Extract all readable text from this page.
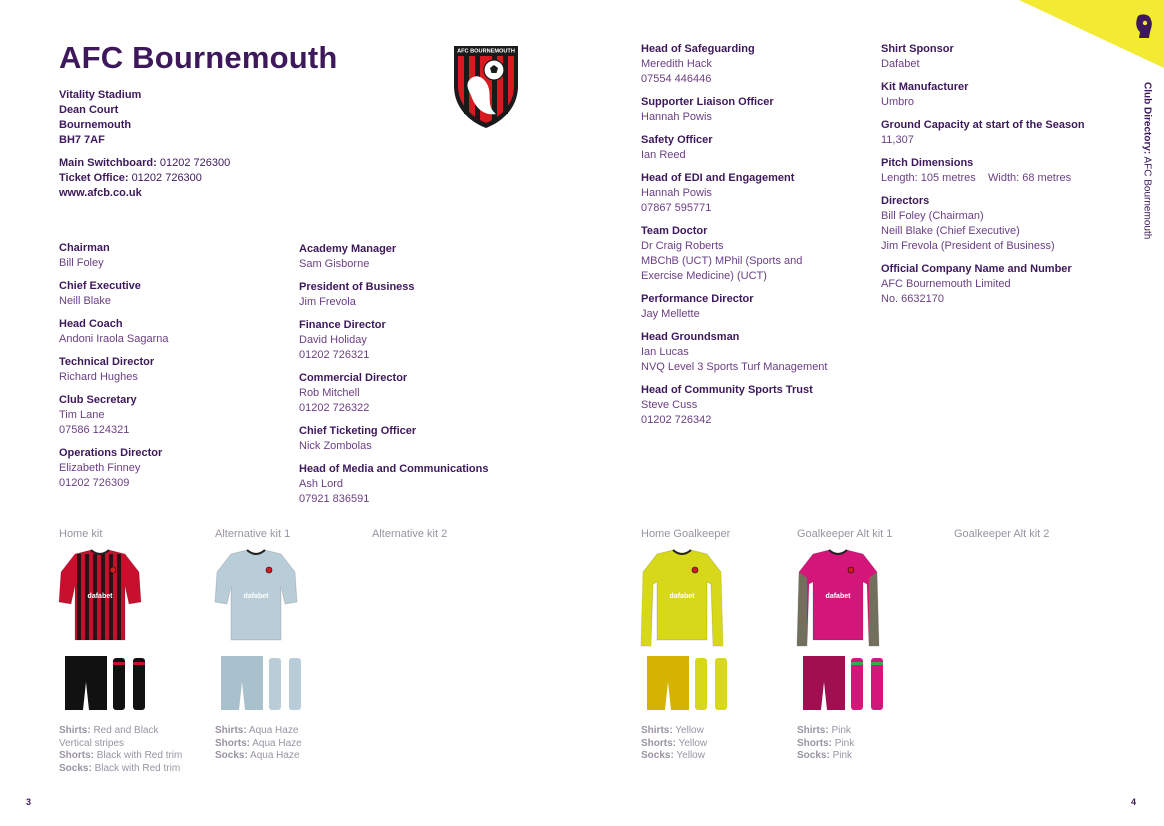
AFC Bournemouth
Vitality Stadium
Dean Court
Bournemouth
BH7 7AF
Main Switchboard: 01202 726300
Ticket Office: 01202 726300
www.afcb.co.uk
AFC BOURNEMOUTH
Club Directory: AFC Bournemouth
Chairman
Bill Foley
Chief Executive
Neill Blake
Head Coach
Andoni Iraola Sagarna
Technical Director
Richard Hughes
Club Secretary
Tim Lane
07586 124321
Operations Director
Elizabeth Finney
01202 726309
Academy Manager
Sam Gisborne
President of Business
Jim Frevola
Finance Director
David Holiday
01202 726321
Commercial Director
Rob Mitchell
01202 726322
Chief Ticketing Officer
Nick Zombolas
Head of Media and Communications
Ash Lord
07921 836591
Head of Safeguarding
Meredith Hack
07554 446446
Supporter Liaison Officer
Hannah Powis
Safety Officer
Ian Reed
Head of EDI and Engagement
Hannah Powis
07867 595771
Team Doctor
Dr Craig Roberts
MBChB (UCT) MPhil (Sports and
Exercise Medicine) (UCT)
Performance Director
Jay Mellette
Head Groundsman
Ian Lucas
NVQ Level 3 Sports Turf Management
Head of Community Sports Trust
Steve Cuss
01202 726342
Shirt Sponsor
Dafabet
Kit Manufacturer
Umbro
Ground Capacity at start of the Season
11,307
Pitch Dimensions
Length: 105 metres    Width: 68 metres
Directors
Bill Foley (Chairman)
Neill Blake (Chief Executive)
Jim Frevola (President of Business)
Official Company Name and Number
AFC Bournemouth Limited
No. 6632170
Home kit
dafabet
Shirts: Red and Black
Vertical stripes
Shorts: Black with Red trim
Socks: Black with Red trim
Alternative kit 1
dafabet
Shirts: Aqua Haze
Shorts: Aqua Haze
Socks: Aqua Haze
Alternative kit 2	Home Goalkeeper
dafabet
Shirts: Yellow
Shorts: Yellow
Socks: Yellow
Goalkeeper Alt kit 1
dafabet
Shirts: Pink
Shorts: Pink
Socks: Pink
Goalkeeper Alt kit 2
3	4
